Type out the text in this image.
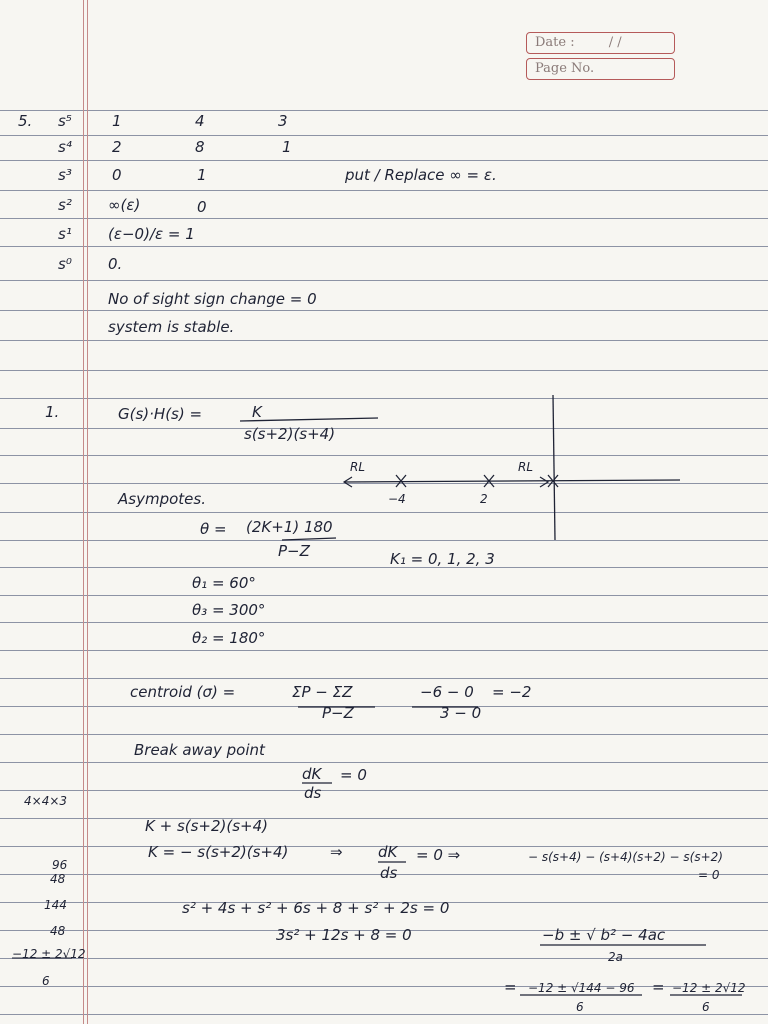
Date :	/ /
Page No.
5. s⁵	1	4	3
s⁴	2	8	1
s³	0	1	put / Replace ∞ = ε.
s² ∞(ε)	0
s¹ (ε−0)/ε = 1
s⁰ 0.
No of sight sign change = 0
system is stable.
1.	G(s)·H(s) =	K
s(s+2)(s+4)
RL	RL
−4	2
Asympotes.
θ = (2K+1) 180
P−Z	K₁ = 0, 1, 2, 3
θ₁ = 60°
θ₃ = 300°
θ₂ = 180°
centroid (σ) =	ΣP − ΣZ
P−Z
−6 − 0
3 − 0
= −2
Break away point
dK
ds
= 0
K + s(s+2)(s+4)
K = − s(s+2)(s+4)	⇒ dK
ds
= 0 ⇒	− s(s+4) − (s+4)(s+2) − s(s+2)
= 0
s² + 4s + s² + 6s + 8 + s² + 2s = 0
3s² + 12s + 8 = 0	−b ± √ b² − 4ac
2a
= −12 ± √144 − 96
6
= −12 ± 2√12
6
4×4×3
96
48
144
48
−12 ± 2√12
6
